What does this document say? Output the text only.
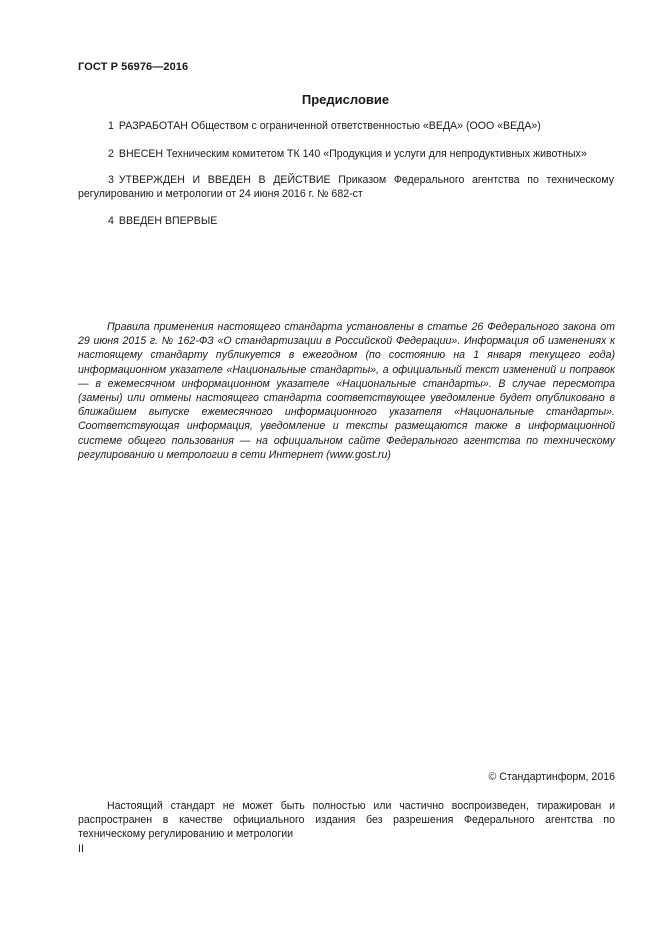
ГОСТ Р 56976—2016
Предисловие
1 РАЗРАБОТАН Обществом с ограниченной ответственностью «ВЕДА» (ООО «ВЕДА»)
2 ВНЕСЕН Техническим комитетом ТК 140 «Продукция и услуги для непродуктивных животных»
3 УТВЕРЖДЕН И ВВЕДЕН В ДЕЙСТВИЕ Приказом Федерального агентства по техническому регулированию и метрологии от 24 июня 2016 г. № 682-ст
4 ВВЕДЕН ВПЕРВЫЕ
Правила применения настоящего стандарта установлены в статье 26 Федерального закона от 29 июня 2015 г. № 162-ФЗ «О стандартизации в Российской Федерации». Информация об изменениях к настоящему стандарту публикуется в ежегодном (по состоянию на 1 января текущего года) информационном указателе «Национальные стандарты», а официальный текст изменений и поправок — в ежемесячном информационном указателе «Национальные стандарты». В случае пересмотра (замены) или отмены настоящего стандарта соответствующее уведомление будет опубликовано в ближайшем выпуске ежемесячного информационного указателя «Национальные стандарты». Соответствующая информация, уведомление и тексты размещаются также в информационной системе общего пользования — на официальном сайте Федерального агентства по техническому регулированию и метрологии в сети Интернет (www.gost.ru)
© Стандартинформ, 2016
Настоящий стандарт не может быть полностью или частично воспроизведен, тиражирован и распространен в качестве официального издания без разрешения Федерального агентства по техническому регулированию и метрологии
II
